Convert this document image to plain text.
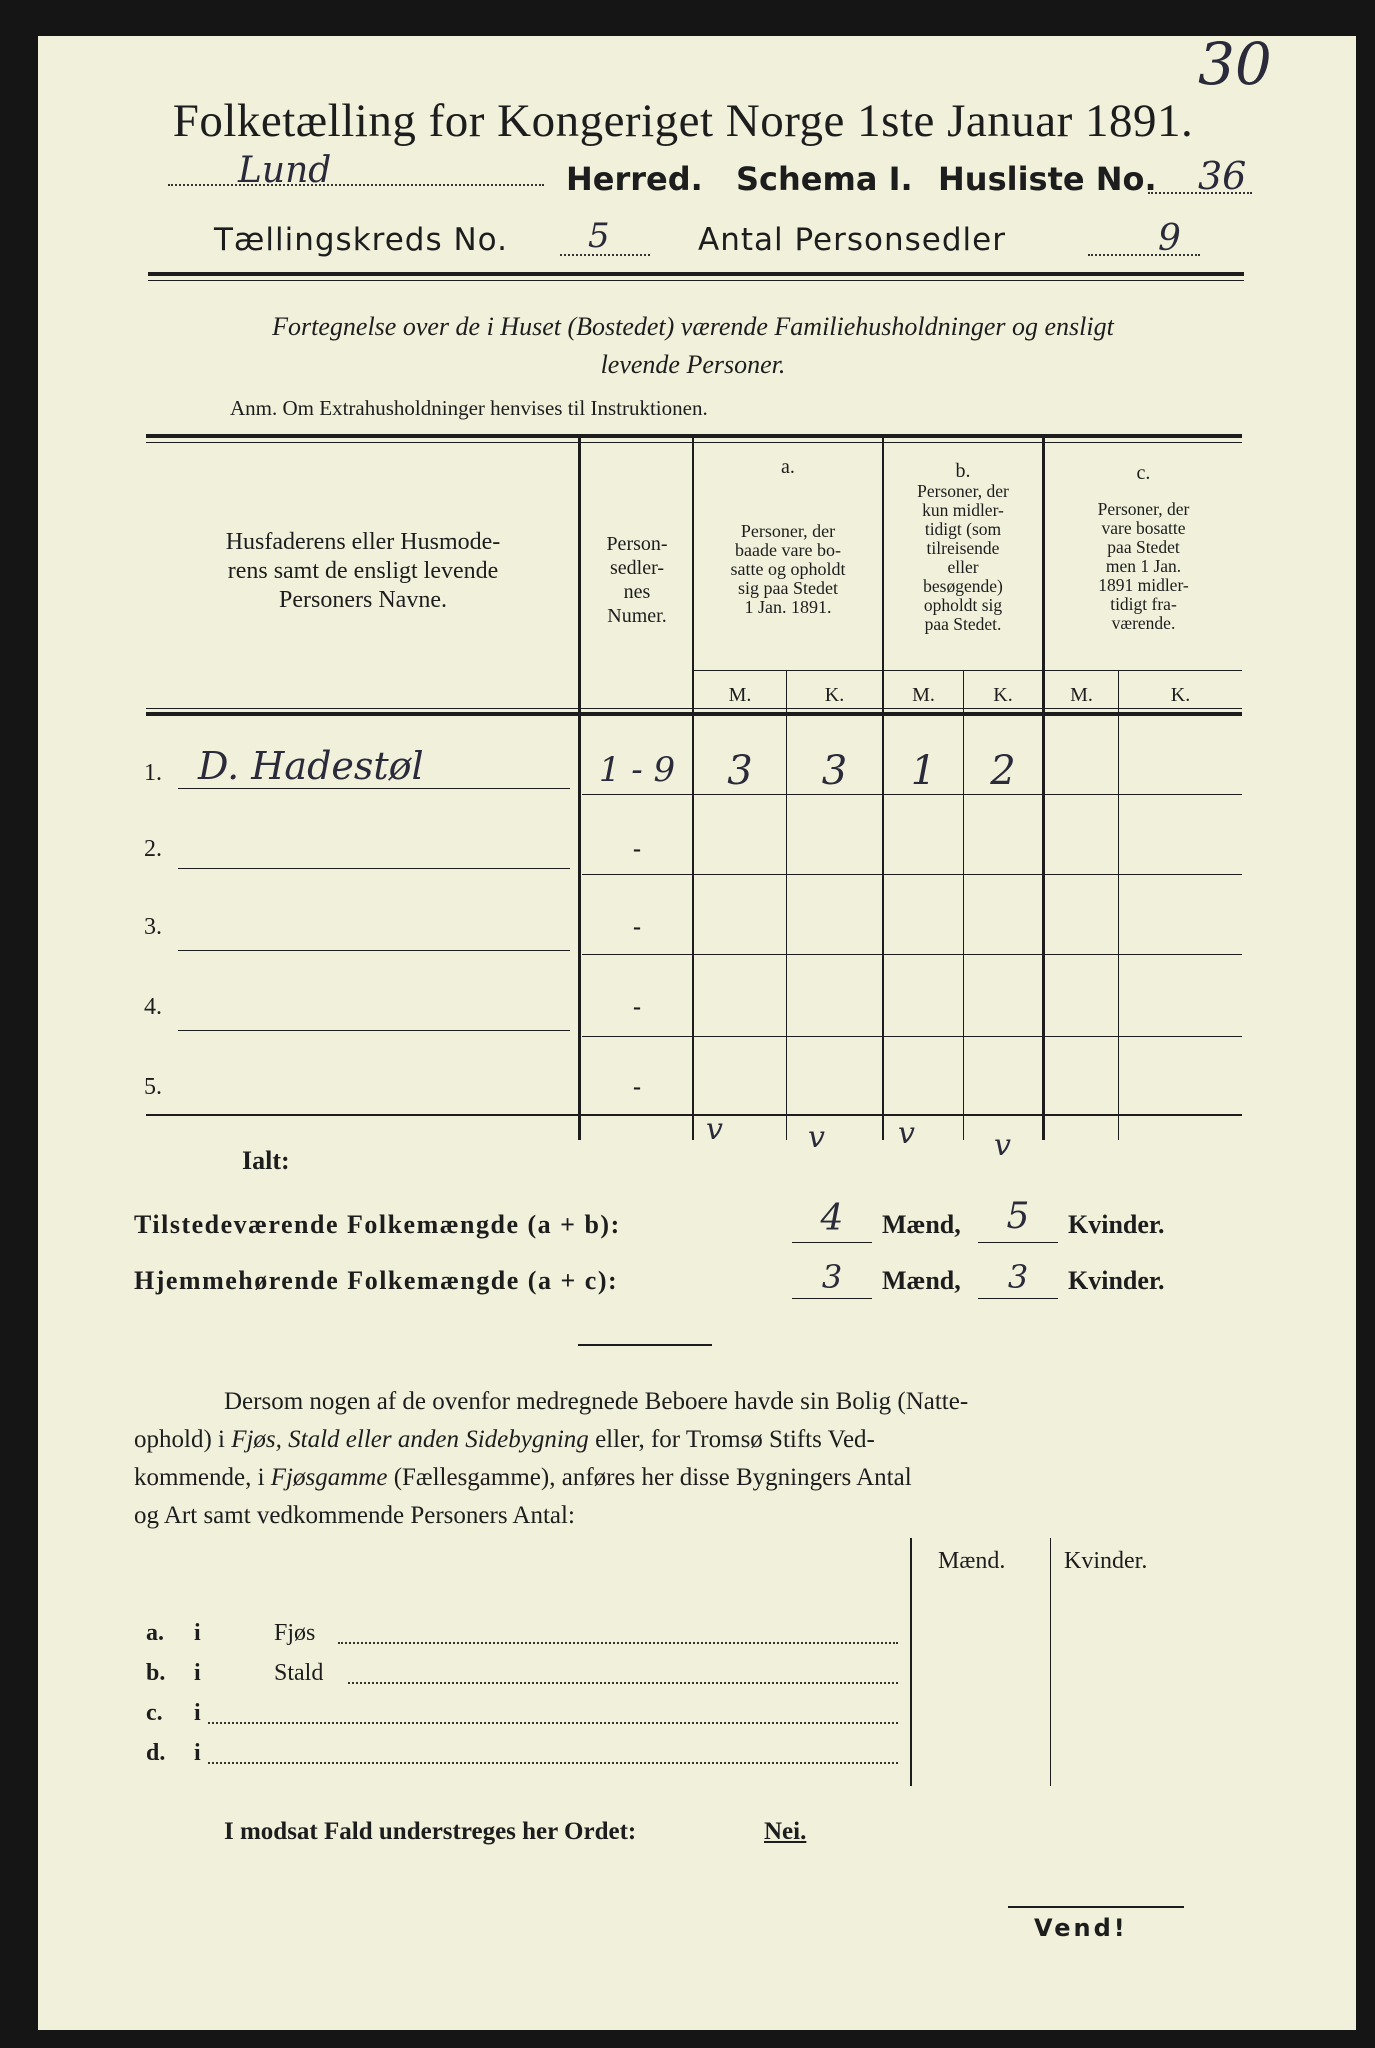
30
Folketælling for Kongeriget Norge 1ste Januar 1891.
Lund	Herred. Schema I. Husliste No. 36
Tællingskreds No. 5	Antal Personsedler	9
Fortegnelse over de i Huset (Bostedet) værende Familiehusholdninger og ensligt
levende Personer.
Anm. Om Extrahusholdninger henvises til Instruktionen.
Husfaderens eller Husmode-
rens samt de ensligt levende
Personers Navne.
Person-
sedler-
nes
Numer.
a.
Personer, der
baade vare bo-
satte og opholdt
sig paa Stedet
1 Jan. 1891.
b.
Personer, der
kun midler-
tidigt (som
tilreisende
eller
besøgende)
opholdt sig
paa Stedet.
c.
Personer, der
vare bosatte
paa Stedet
men 1 Jan.
1891 midler-
tidigt fra-
værende.
M.	K.	M.	K.	M.	K.
1. D. Hadestøl	1 - 9	3	3	1	2
2.	-
3.	-
4.	-
5.	-
v	v v	v
Ialt:
Tilstedeværende Folkemængde (a + b):	4	Mænd,	5	Kvinder.
Hjemmehørende Folkemængde (a + c):	3	Mænd,	3	Kvinder.
Dersom nogen af de ovenfor medregnede Beboere havde sin Bolig (Natte-
ophold) i Fjøs, Stald eller anden Sidebygning eller, for Tromsø Stifts Ved-
kommende, i Fjøsgamme (Fællesgamme), anføres her disse Bygningers Antal
og Art samt vedkommende Personers Antal:
Mænd. Kvinder.
a. i	Fjøs
b. i	Stald
c. i
d. i
I modsat Fald understreges her Ordet:	Nei.
Vend!
